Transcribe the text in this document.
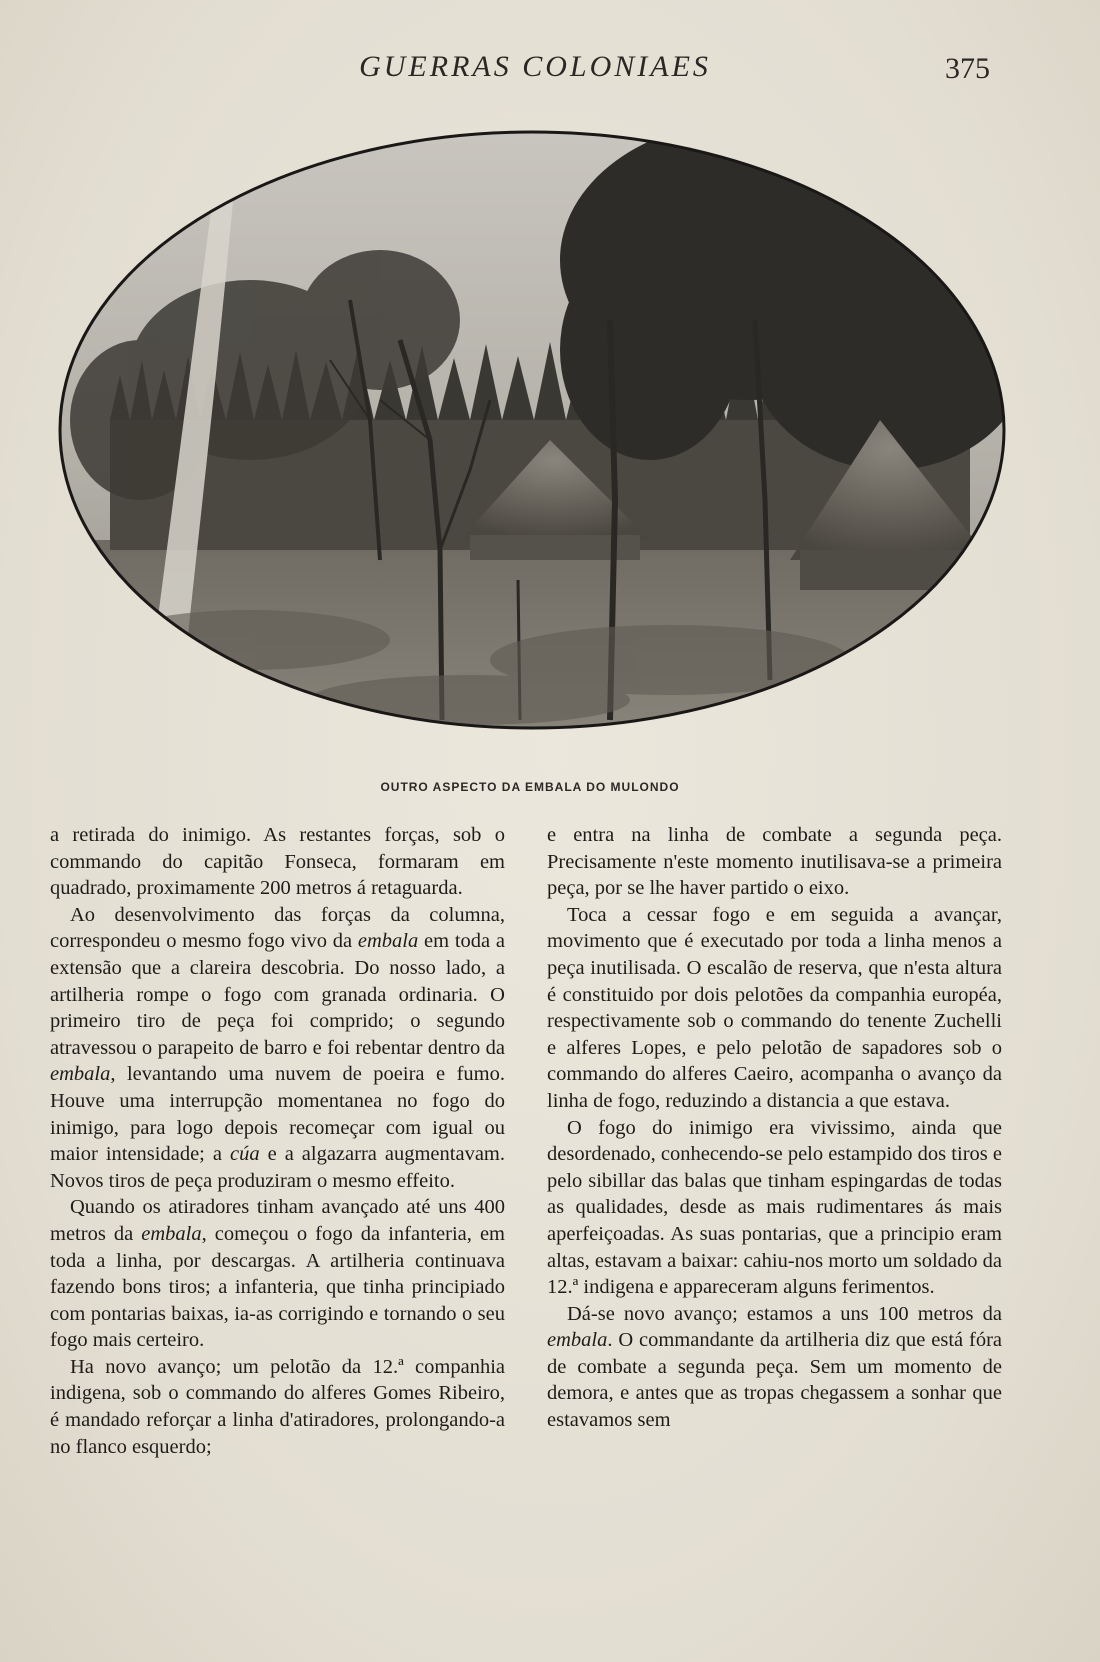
GUERRAS COLONIAES	375
OUTRO ASPECTO DA EMBALA DO MULONDO

a retirada do inimigo. As restantes forças, sob o commando do capitão Fonseca, formaram em quadrado, proximamente 200 metros á retaguarda.

Ao desenvolvimento das forças da columna, correspondeu o mesmo fogo vivo da embala em toda a extensão que a clareira descobria. Do nosso lado, a artilheria rompe o fogo com granada ordinaria. O primeiro tiro de peça foi comprido; o segundo atravessou o parapeito de barro e foi rebentar dentro da embala, levantando uma nuvem de poeira e fumo. Houve uma interrupção momentanea no fogo do inimigo, para logo depois recomeçar com igual ou maior intensidade; a cúa e a algazarra augmentavam. Novos tiros de peça produziram o mesmo effeito.

Quando os atiradores tinham avançado até uns 400 metros da embala, começou o fogo da infanteria, em toda a linha, por descargas. A artilheria continuava fazendo bons tiros; a infanteria, que tinha principiado com pontarias baixas, ia-as corrigindo e tornando o seu fogo mais certeiro.

Ha novo avanço; um pelotão da 12.ª companhia indigena, sob o commando do alferes Gomes Ribeiro, é mandado reforçar a linha d'atiradores, prolongando-a no flanco esquerdo;

e entra na linha de combate a segunda peça. Precisamente n'este momento inutilisava-se a primeira peça, por se lhe haver partido o eixo.

Toca a cessar fogo e em seguida a avançar, movimento que é executado por toda a linha menos a peça inutilisada. O escalão de reserva, que n'esta altura é constituido por dois pelotões da companhia européa, respectivamente sob o commando do tenente Zuchelli e alferes Lopes, e pelo pelotão de sapadores sob o commando do alferes Caeiro, acompanha o avanço da linha de fogo, reduzindo a distancia a que estava.

O fogo do inimigo era vivissimo, ainda que desordenado, conhecendo-se pelo estampido dos tiros e pelo sibillar das balas que tinham espingardas de todas as qualidades, desde as mais rudimentares ás mais aperfeiçoadas. As suas pontarias, que a principio eram altas, estavam a baixar: cahiu-nos morto um soldado da 12.ª indigena e appareceram alguns ferimentos.

Dá-se novo avanço; estamos a uns 100 metros da embala. O commandante da artilheria diz que está fóra de combate a segunda peça. Sem um momento de demora, e antes que as tropas chegassem a sonhar que estavamos sem
